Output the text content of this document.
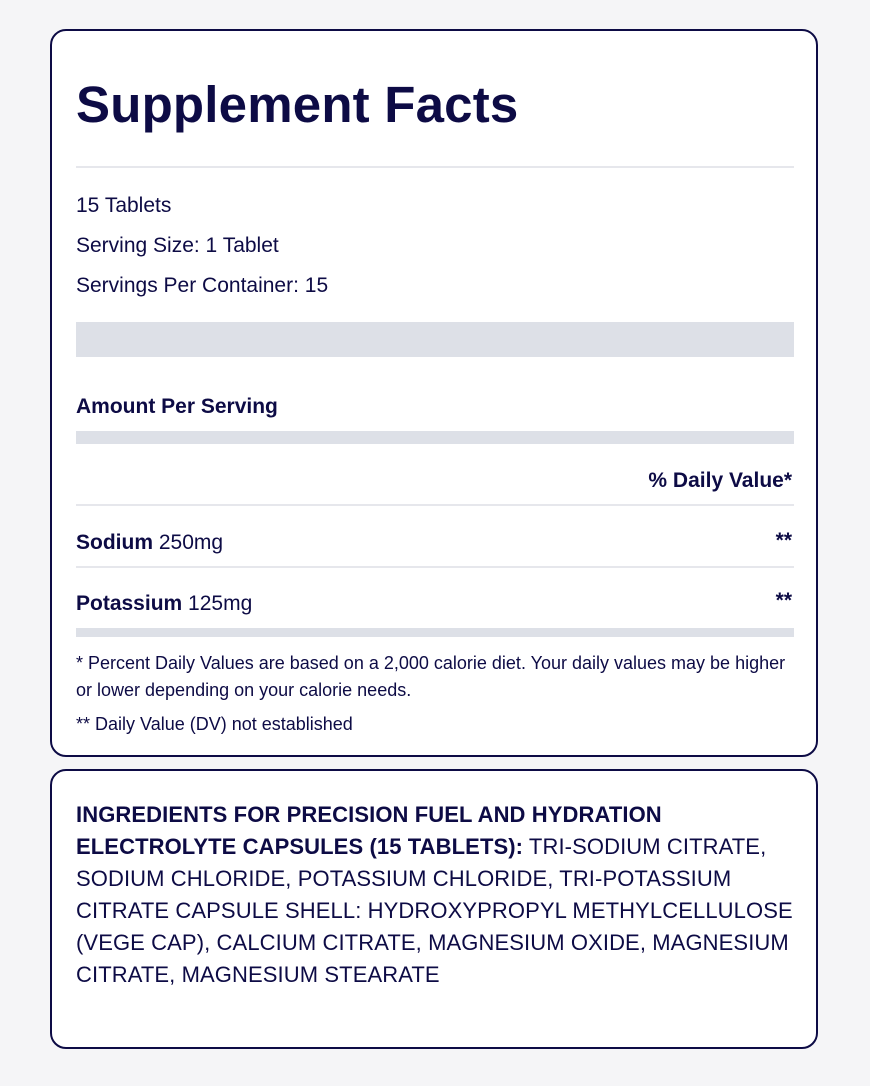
Supplement Facts
15 Tablets
Serving Size: 1 Tablet
Servings Per Container: 15
Amount Per Serving
% Daily Value*
Sodium 250mg	**
Potassium 125mg	**
* Percent Daily Values are based on a 2,000 calorie diet. Your daily values may be higher or lower depending on your calorie needs.
** Daily Value (DV) not established
INGREDIENTS FOR PRECISION FUEL AND HYDRATION ELECTROLYTE CAPSULES (15 TABLETS): TRI-SODIUM CITRATE, SODIUM CHLORIDE, POTASSIUM CHLORIDE, TRI-POTASSIUM CITRATE CAPSULE SHELL: HYDROXYPROPYL METHYLCELLULOSE (VEGE CAP), CALCIUM CITRATE, MAGNESIUM OXIDE, MAGNESIUM CITRATE, MAGNESIUM STEARATE
